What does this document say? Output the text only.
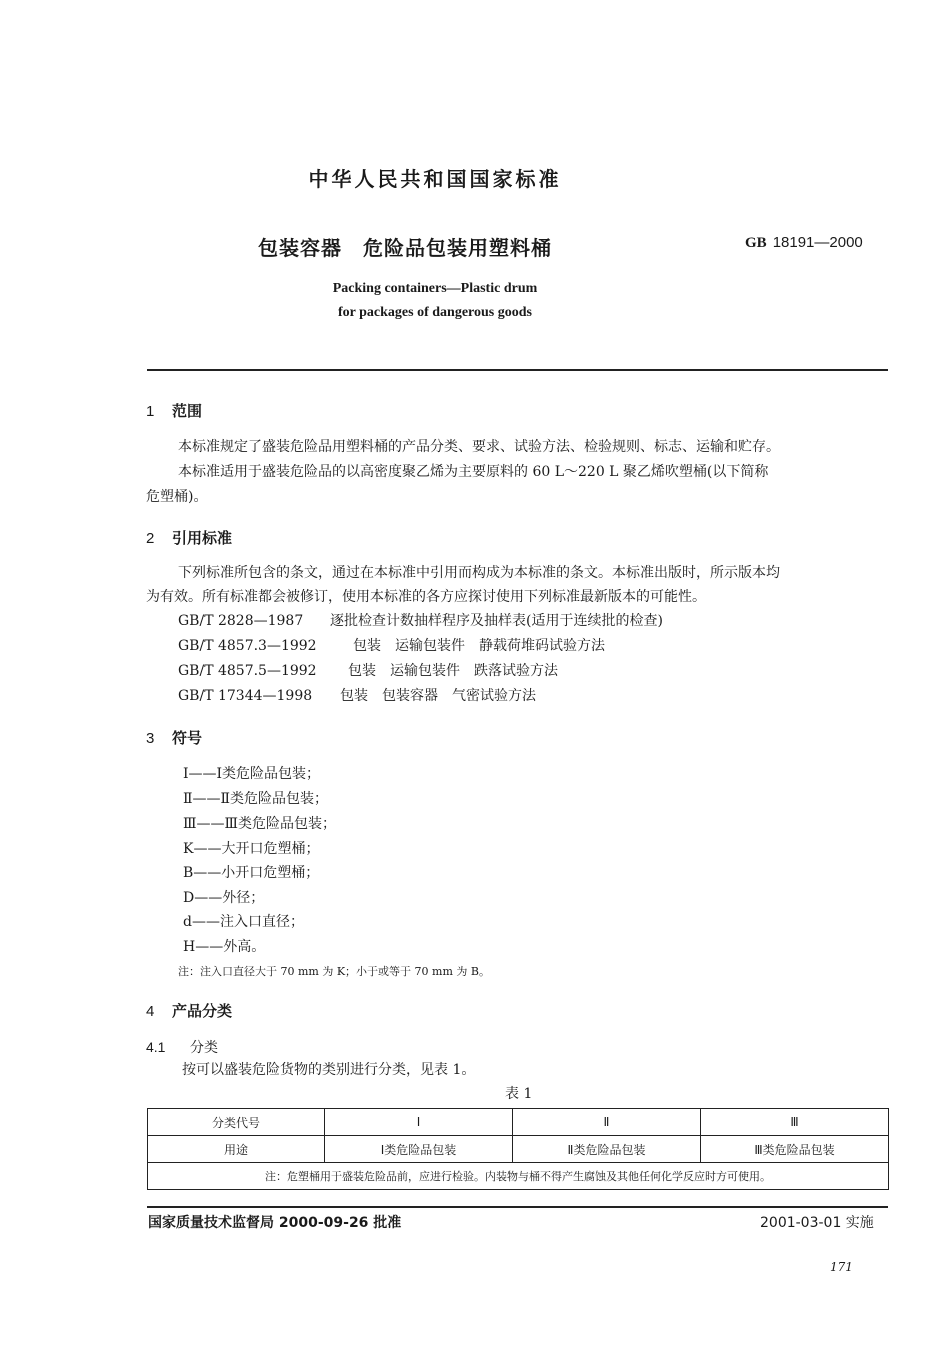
中华人民共和国国家标准
包装容器　危险品包装用塑料桶	GB 18191—2000
Packing containers—Plastic drum
for packages of dangerous goods
1 范围
本标准规定了盛装危险品用塑料桶的产品分类、要求、试验方法、检验规则、标志、运输和贮存。
本标准适用于盛装危险品的以高密度聚乙烯为主要原料的 60 L～220 L 聚乙烯吹塑桶(以下简称
危塑桶)。
2 引用标准
下列标准所包含的条文，通过在本标准中引用而构成为本标准的条文。本标准出版时，所示版本均
为有效。所有标准都会被修订，使用本标准的各方应探讨使用下列标准最新版本的可能性。
GB/T 2828—1987 逐批检查计数抽样程序及抽样表(适用于连续批的检查)
GB/T 4857.3—1992	包装　运输包装件　静载荷堆码试验方法
GB/T 4857.5—1992 包装　运输包装件　跌落试验方法
GB/T 17344—1998 包装　包装容器　气密试验方法
3 符号
Ⅰ——Ⅰ类危险品包装；
Ⅱ——Ⅱ类危险品包装；
Ⅲ——Ⅲ类危险品包装；
K——大开口危塑桶；
B——小开口危塑桶；
D——外径；
d——注入口直径；
H——外高。
注：注入口直径大于 70 mm 为 K；小于或等于 70 mm 为 B。
4 产品分类
4.1 分类
按可以盛装危险货物的类别进行分类，见表 1。
表 1
分类代号	Ⅰ	Ⅱ	Ⅲ
用途	Ⅰ类危险品包装	Ⅱ类危险品包装	Ⅲ类危险品包装
注：危塑桶用于盛装危险品前，应进行检验。内装物与桶不得产生腐蚀及其他任何化学反应时方可使用。			
国家质量技术监督局 2000-09-26 批准	2001-03-01 实施
171
